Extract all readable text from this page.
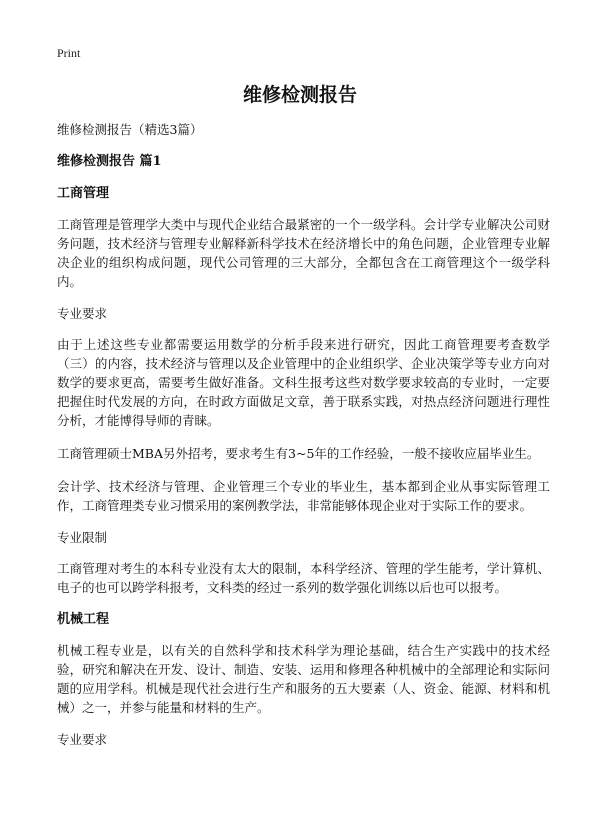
Print
维修检测报告
维修检测报告（精选3篇）
维修检测报告 篇1
工商管理
工商管理是管理学大类中与现代企业结合最紧密的一个一级学科。会计学专业解决公司财务问题，技术经济与管理专业解释新科学技术在经济增长中的角色问题，企业管理专业解决企业的组织构成问题，现代公司管理的三大部分，全都包含在工商管理这个一级学科内。
专业要求
由于上述这些专业都需要运用数学的分析手段来进行研究，因此工商管理要考查数学（三）的内容，技术经济与管理以及企业管理中的企业组织学、企业决策学等专业方向对数学的要求更高，需要考生做好准备。文科生报考这些对数学要求较高的专业时，一定要把握住时代发展的方向，在时政方面做足文章，善于联系实践，对热点经济问题进行理性分析，才能博得导师的青睐。
工商管理硕士MBA另外招考，要求考生有3~5年的工作经验，一般不接收应届毕业生。
会计学、技术经济与管理、企业管理三个专业的毕业生，基本都到企业从事实际管理工作，工商管理类专业习惯采用的案例教学法，非常能够体现企业对于实际工作的要求。
专业限制
工商管理对考生的本科专业没有太大的限制，本科学经济、管理的学生能考，学计算机、电子的也可以跨学科报考，文科类的经过一系列的数学强化训练以后也可以报考。
机械工程
机械工程专业是，以有关的自然科学和技术科学为理论基础，结合生产实践中的技术经验，研究和解决在开发、设计、制造、安装、运用和修理各种机械中的全部理论和实际问题的应用学科。机械是现代社会进行生产和服务的五大要素（人、资金、能源、材料和机械）之一，并参与能量和材料的生产。
专业要求
